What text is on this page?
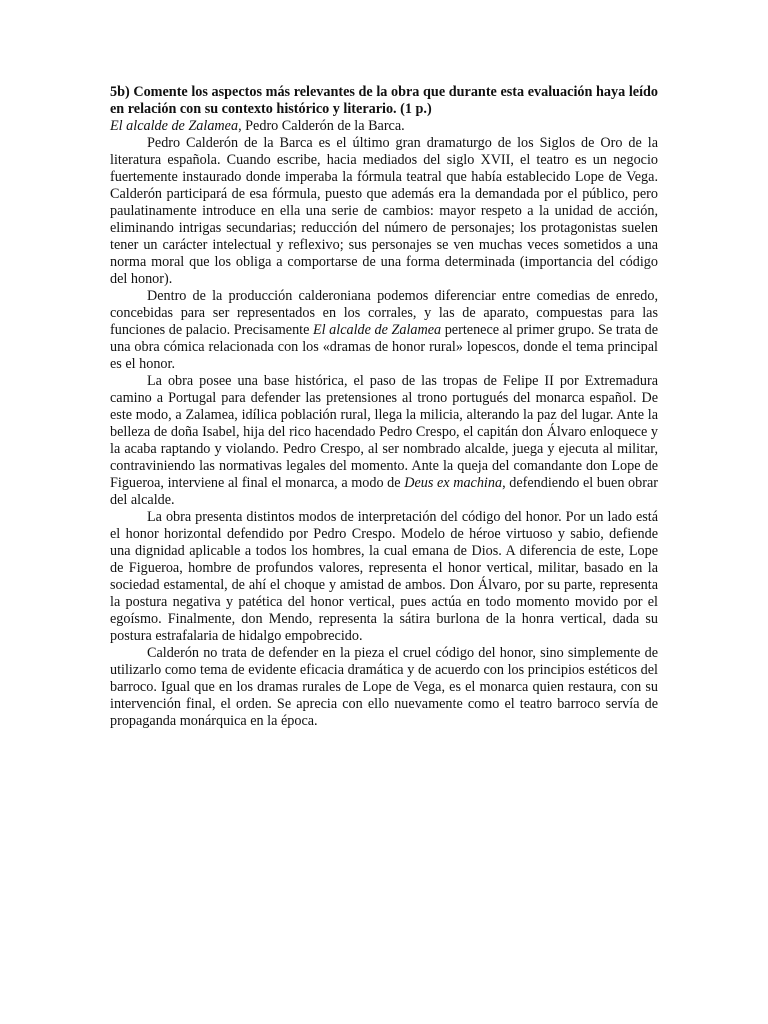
5b) Comente los aspectos más relevantes de la obra que durante esta evaluación haya leído en relación con su contexto histórico y literario. (1 p.)

El alcalde de Zalamea, Pedro Calderón de la Barca.

Pedro Calderón de la Barca es el último gran dramaturgo de los Siglos de Oro de la literatura española. Cuando escribe, hacia mediados del siglo XVII, el teatro es un negocio fuertemente instaurado donde imperaba la fórmula teatral que había establecido Lope de Vega. Calderón participará de esa fórmula, puesto que además era la demandada por el público, pero paulatinamente introduce en ella una serie de cambios: mayor respeto a la unidad de acción, eliminando intrigas secundarias; reducción del número de personajes; los protagonistas suelen tener un carácter intelectual y reflexivo; sus personajes se ven muchas veces sometidos a una norma moral que los obliga a comportarse de una forma determinada (importancia del código del honor).

Dentro de la producción calderoniana podemos diferenciar entre comedias de enredo, concebidas para ser representados en los corrales, y las de aparato, compuestas para las funciones de palacio. Precisamente El alcalde de Zalamea pertenece al primer grupo. Se trata de una obra cómica relacionada con los «dramas de honor rural» lopescos, donde el tema principal es el honor.

La obra posee una base histórica, el paso de las tropas de Felipe II por Extremadura camino a Portugal para defender las pretensiones al trono portugués del monarca español. De este modo, a Zalamea, idílica población rural, llega la milicia, alterando la paz del lugar. Ante la belleza de doña Isabel, hija del rico hacendado Pedro Crespo, el capitán don Álvaro enloquece y la acaba raptando y violando. Pedro Crespo, al ser nombrado alcalde, juega y ejecuta al militar, contraviniendo las normativas legales del momento. Ante la queja del comandante don Lope de Figueroa, interviene al final el monarca, a modo de Deus ex machina, defendiendo el buen obrar del alcalde.

La obra presenta distintos modos de interpretación del código del honor. Por un lado está el honor horizontal defendido por Pedro Crespo. Modelo de héroe virtuoso y sabio, defiende una dignidad aplicable a todos los hombres, la cual emana de Dios. A diferencia de este, Lope de Figueroa, hombre de profundos valores, representa el honor vertical, militar, basado en la sociedad estamental, de ahí el choque y amistad de ambos. Don Álvaro, por su parte, representa la postura negativa y patética del honor vertical, pues actúa en todo momento movido por el egoísmo. Finalmente, don Mendo, representa la sátira burlona de la honra vertical, dada su postura estrafalaria de hidalgo empobrecido.

Calderón no trata de defender en la pieza el cruel código del honor, sino simplemente de utilizarlo como tema de evidente eficacia dramática y de acuerdo con los principios estéticos del barroco. Igual que en los dramas rurales de Lope de Vega, es el monarca quien restaura, con su intervención final, el orden. Se aprecia con ello nuevamente como el teatro barroco servía de propaganda monárquica en la época.
